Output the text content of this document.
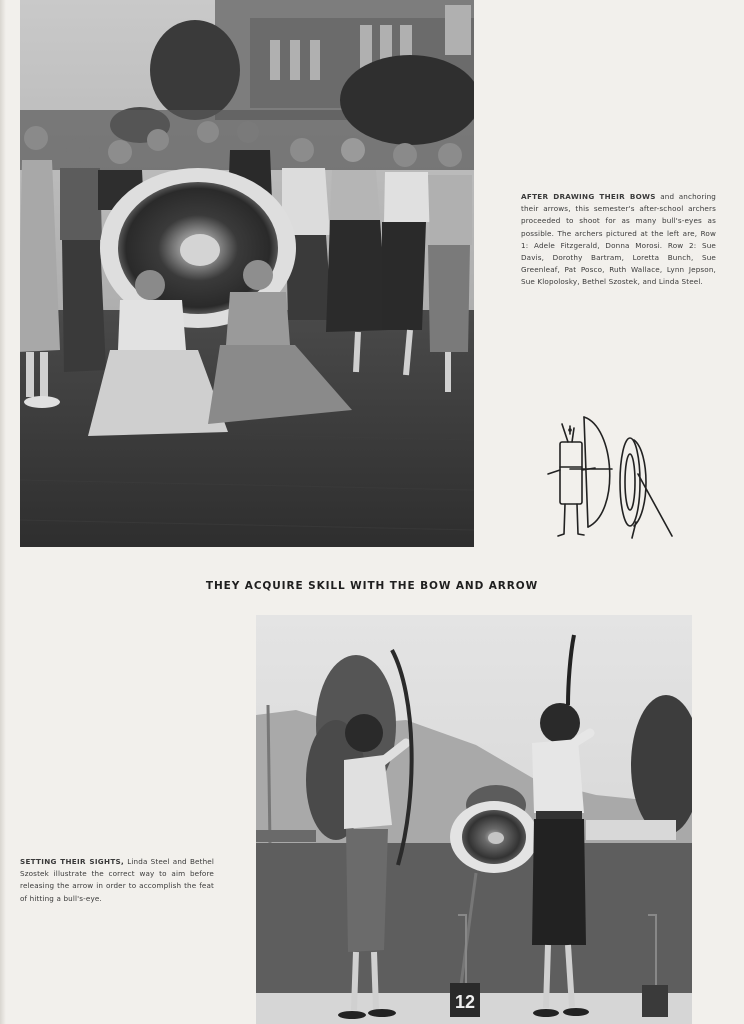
AFTER DRAWING THEIR BOWS and anchoring their arrows, this semester's after-school archers proceeded to shoot for as many bull's-eyes as possible. The archers pictured at the left are, Row 1: Adele Fitzgerald, Donna Morosi. Row 2: Sue Davis, Dorothy Bartram, Loretta Bunch, Sue Greenleaf, Pat Posco, Ruth Wallace, Lynn Jepson, Sue Klopolosky, Bethel Szostek, and Linda Steel.
THEY ACQUIRE SKILL WITH THE BOW AND ARROW
12
SETTING THEIR SIGHTS, Linda Steel and Bethel Szostek illustrate the correct way to aim before releasing the arrow in order to accomplish the feat of hitting a bull's-eye.
